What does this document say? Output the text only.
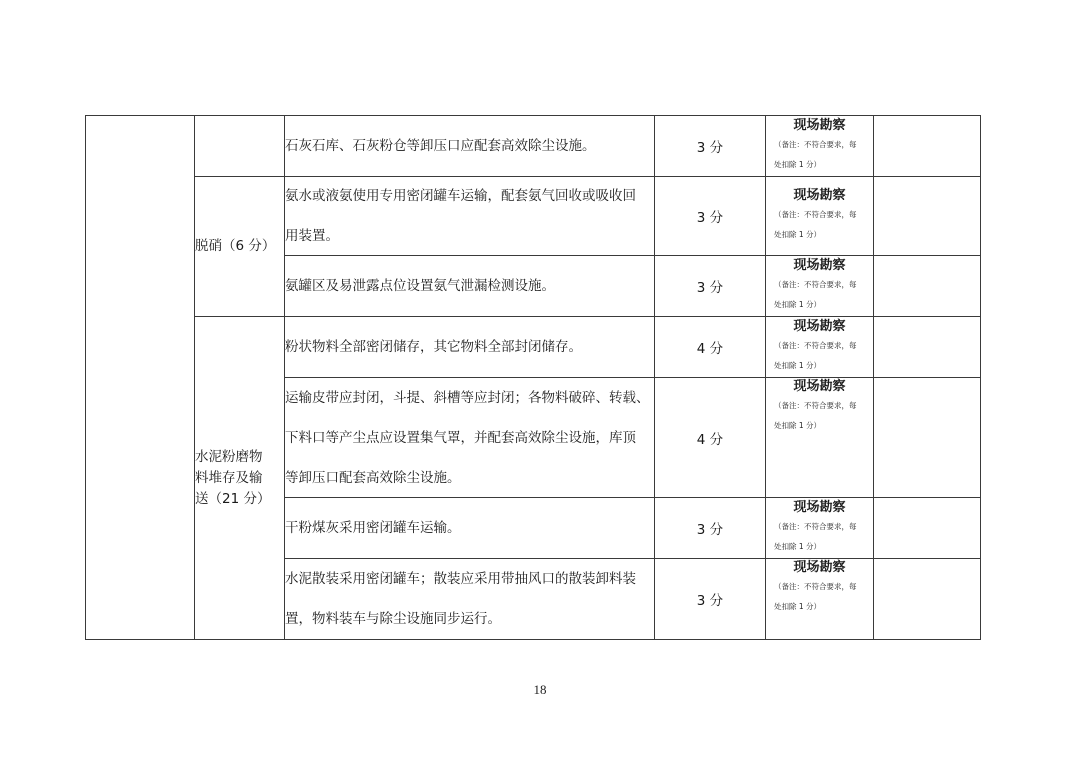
		石灰石库、石灰粉仓等卸压口应配套高效除尘设施。	3 分	现场勘察
（备注：不符合要求，每
处扣除 1 分）	

	脱硝（6 分）	氨水或液氨使用专用密闭罐车运输，配套氨气回收或吸收回
用装置。	3 分	现场勘察
（备注：不符合要求，每
处扣除 1 分）	

		氨罐区及易泄露点位设置氨气泄漏检测设施。	3 分	现场勘察
（备注：不符合要求，每
处扣除 1 分）	

	水泥粉磨物
料堆存及输
送（21 分）	粉状物料全部密闭储存，其它物料全部封闭储存。	4 分	现场勘察
（备注：不符合要求，每
处扣除 1 分）	

		运输皮带应封闭，斗提、斜槽等应封闭；各物料破碎、转载、
下料口等产尘点应设置集气罩，并配套高效除尘设施，库顶
等卸压口配套高效除尘设施。	4 分	现场勘察
（备注：不符合要求，每
处扣除 1 分）	

		干粉煤灰采用密闭罐车运输。	3 分	现场勘察
（备注：不符合要求，每
处扣除 1 分）	

		水泥散装采用密闭罐车；散装应采用带抽风口的散装卸料装
置，物料装车与除尘设施同步运行。	3 分	现场勘察
（备注：不符合要求，每
处扣除 1 分）	

18
